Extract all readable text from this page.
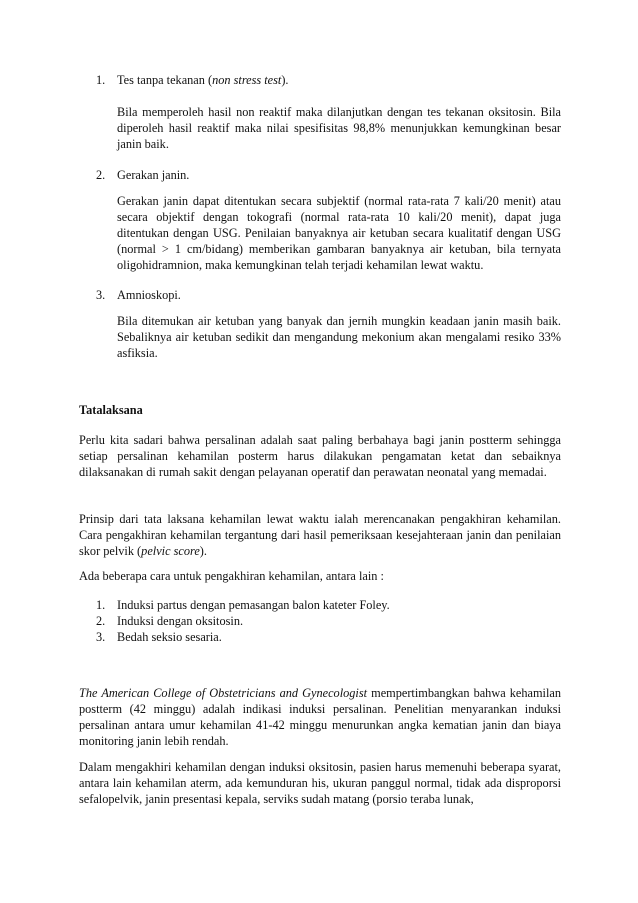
1. Tes tanpa tekanan (non stress test).
Bila memperoleh hasil non reaktif maka dilanjutkan dengan tes tekanan oksitosin. Bila diperoleh hasil reaktif maka nilai spesifisitas 98,8% menunjukkan kemungkinan besar janin baik.
2. Gerakan janin.
Gerakan janin dapat ditentukan secara subjektif (normal rata-rata 7 kali/20 menit) atau secara objektif dengan tokografi (normal rata-rata 10 kali/20 menit), dapat juga ditentukan dengan USG. Penilaian banyaknya air ketuban secara kualitatif dengan USG (normal > 1 cm/bidang) memberikan gambaran banyaknya air ketuban, bila ternyata oligohidramnion, maka kemungkinan telah terjadi kehamilan lewat waktu.
3. Amnioskopi.
Bila ditemukan air ketuban yang banyak dan jernih mungkin keadaan janin masih baik. Sebaliknya air ketuban sedikit dan mengandung mekonium akan mengalami resiko 33% asfiksia.
Tatalaksana
Perlu kita sadari bahwa persalinan adalah saat paling berbahaya bagi janin postterm sehingga setiap persalinan kehamilan posterm harus dilakukan pengamatan ketat dan sebaiknya dilaksanakan di rumah sakit dengan pelayanan operatif dan perawatan neonatal yang memadai.
Prinsip dari tata laksana kehamilan lewat waktu ialah merencanakan pengakhiran kehamilan. Cara pengakhiran kehamilan tergantung dari hasil pemeriksaan kesejahteraan janin dan penilaian skor pelvik (pelvic score).
Ada beberapa cara untuk pengakhiran kehamilan, antara lain :
1. Induksi partus dengan pemasangan balon kateter Foley.
2. Induksi dengan oksitosin.
3. Bedah seksio sesaria.
The American College of Obstetricians and Gynecologist mempertimbangkan bahwa kehamilan postterm (42 minggu) adalah indikasi induksi persalinan. Penelitian menyarankan induksi persalinan antara umur kehamilan 41-42 minggu menurunkan angka kematian janin dan biaya monitoring janin lebih rendah.
Dalam mengakhiri kehamilan dengan induksi oksitosin, pasien harus memenuhi beberapa syarat, antara lain kehamilan aterm, ada kemunduran his, ukuran panggul normal, tidak ada disproporsi sefalopelvik, janin presentasi kepala, serviks sudah matang (porsio teraba lunak,
